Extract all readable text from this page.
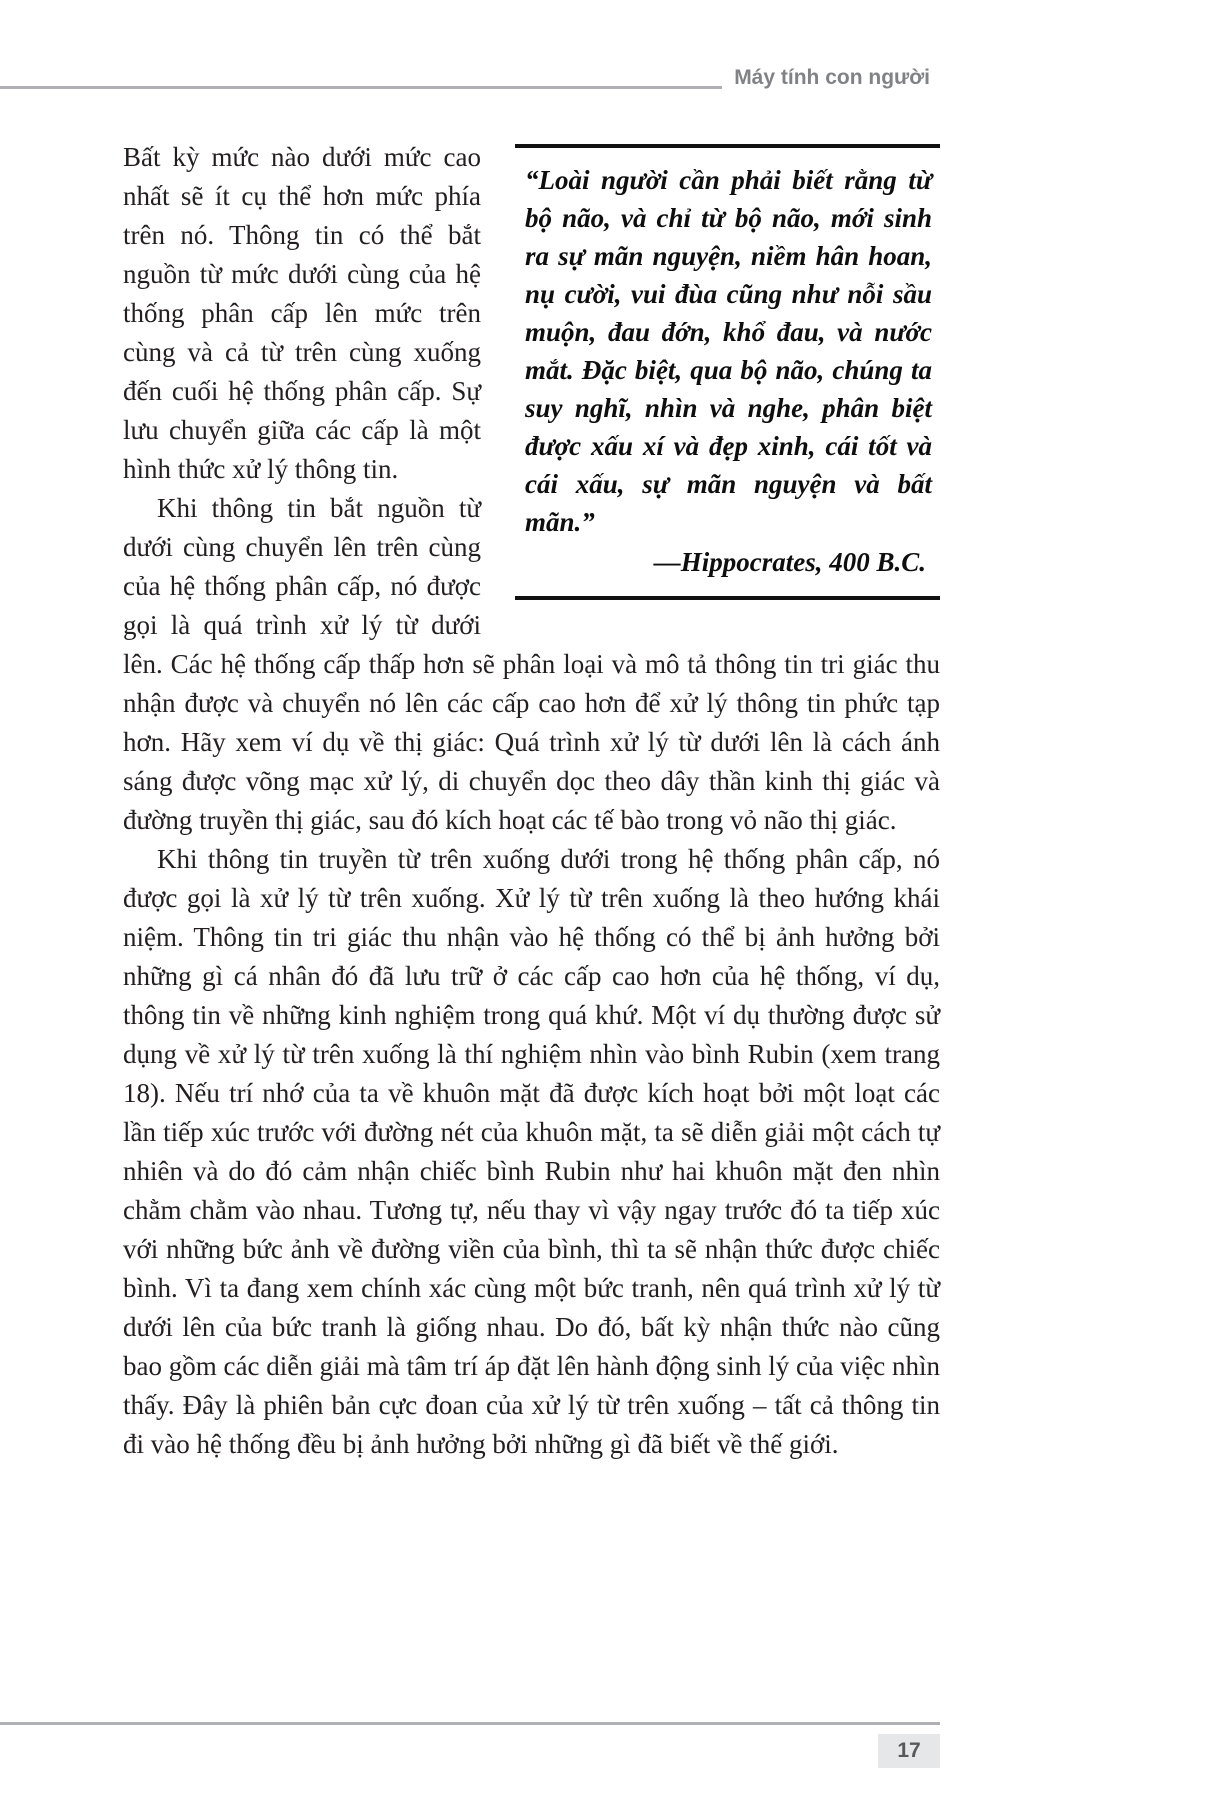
Máy tính con người

“Loài người cần phải biết rằng từ bộ não, và chỉ từ bộ não, mới sinh ra sự mãn nguyện, niềm hân hoan, nụ cười, vui đùa cũng như nỗi sầu muộn, đau đớn, khổ đau, và nước mắt. Đặc biệt, qua bộ não, chúng ta suy nghĩ, nhìn và nghe, phân biệt được xấu xí và đẹp xinh, cái tốt và cái xấu, sự mãn nguyện và bất mãn.”

—Hippocrates, 400 B.C.

Bất kỳ mức nào dưới mức cao nhất sẽ ít cụ thể hơn mức phía trên nó. Thông tin có thể bắt nguồn từ mức dưới cùng của hệ thống phân cấp lên mức trên cùng và cả từ trên cùng xuống đến cuối hệ thống phân cấp. Sự lưu chuyển giữa các cấp là một hình thức xử lý thông tin.

Khi thông tin bắt nguồn từ dưới cùng chuyển lên trên cùng của hệ thống phân cấp, nó được gọi là quá trình xử lý từ dưới lên. Các hệ thống cấp thấp hơn sẽ phân loại và mô tả thông tin tri giác thu nhận được và chuyển nó lên các cấp cao hơn để xử lý thông tin phức tạp hơn. Hãy xem ví dụ về thị giác: Quá trình xử lý từ dưới lên là cách ánh sáng được võng mạc xử lý, di chuyển dọc theo dây thần kinh thị giác và đường truyền thị giác, sau đó kích hoạt các tế bào trong vỏ não thị giác.

Khi thông tin truyền từ trên xuống dưới trong hệ thống phân cấp, nó được gọi là xử lý từ trên xuống. Xử lý từ trên xuống là theo hướng khái niệm. Thông tin tri giác thu nhận vào hệ thống có thể bị ảnh hưởng bởi những gì cá nhân đó đã lưu trữ ở các cấp cao hơn của hệ thống, ví dụ, thông tin về những kinh nghiệm trong quá khứ. Một ví dụ thường được sử dụng về xử lý từ trên xuống là thí nghiệm nhìn vào bình Rubin (xem trang 18). Nếu trí nhớ của ta về khuôn mặt đã được kích hoạt bởi một loạt các lần tiếp xúc trước với đường nét của khuôn mặt, ta sẽ diễn giải một cách tự nhiên và do đó cảm nhận chiếc bình Rubin như hai khuôn mặt đen nhìn chằm chằm vào nhau. Tương tự, nếu thay vì vậy ngay trước đó ta tiếp xúc với những bức ảnh về đường viền của bình, thì ta sẽ nhận thức được chiếc bình. Vì ta đang xem chính xác cùng một bức tranh, nên quá trình xử lý từ dưới lên của bức tranh là giống nhau. Do đó, bất kỳ nhận thức nào cũng bao gồm các diễn giải mà tâm trí áp đặt lên hành động sinh lý của việc nhìn thấy. Đây là phiên bản cực đoan của xử lý từ trên xuống – tất cả thông tin đi vào hệ thống đều bị ảnh hưởng bởi những gì đã biết về thế giới.

17
